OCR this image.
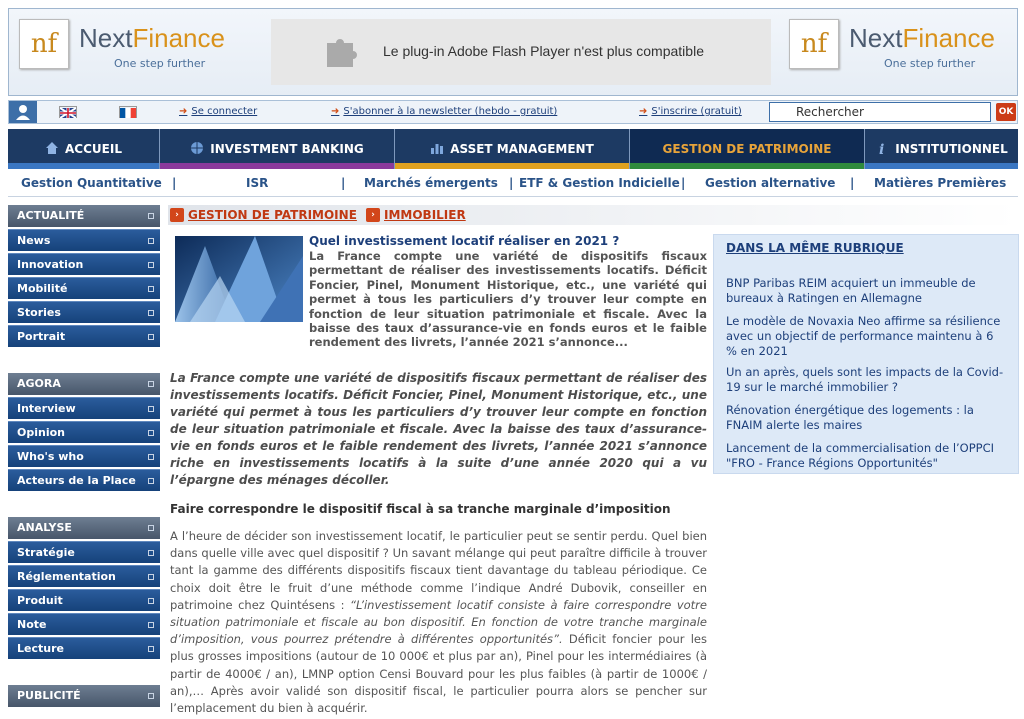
nf NextFinance
One step further
Le plug-in Adobe Flash Player n'est plus compatible	nf NextFinance
One step further
➜ Se connecter	➜ S'abonner à la newsletter (hebdo - gratuit)	➜ S'inscrire (gratuit)	Rechercher	OK
ACCUEIL	INVESTMENT BANKING	ASSET MANAGEMENT	GESTION DE PATRIMOINE	i INSTITUTIONNEL
Gestion Quantitative |	ISR	| Marchés émergents | ETF & Gestion Indicielle | Gestion alternative | Matières Premières
ACTUALITÉ
News
Innovation
Mobilité
Stories
Portrait
AGORA
Interview
Opinion
Who's who
Acteurs de la Place
ANALYSE
Stratégie
Réglementation
Produit
Note
Lecture
PUBLICITÉ
› GESTION DE PATRIMOINE	› IMMOBILIER
Quel investissement locatif réaliser en 2021 ?
La France compte une variété de dispositifs fiscaux permettant de réaliser des investissements locatifs. Déficit Foncier, Pinel, Monument Historique, etc., une variété qui permet à tous les particuliers d’y trouver leur compte en fonction de leur situation patrimoniale et fiscale. Avec la baisse des taux d’assurance-vie en fonds euros et le faible rendement des livrets, l’année 2021 s’annonce...
La France compte une variété de dispositifs fiscaux permettant de réaliser des investissements locatifs. Déficit Foncier, Pinel, Monument Historique, etc., une variété qui permet à tous les particuliers d’y trouver leur compte en fonction de leur situation patrimoniale et fiscale. Avec la baisse des taux d’assurance-vie en fonds euros et le faible rendement des livrets, l’année 2021 s’annonce riche en investissements locatifs à la suite d’une année 2020 qui a vu l’épargne des ménages décoller.
Faire correspondre le dispositif fiscal à sa tranche marginale d’imposition
A l’heure de décider son investissement locatif, le particulier peut se sentir perdu. Quel bien dans quelle ville avec quel dispositif ? Un savant mélange qui peut paraître difficile à trouver tant la gamme des différents dispositifs fiscaux tient davantage du tableau périodique. Ce choix doit être le fruit d’une méthode comme l’indique André Dubovik, conseiller en patrimoine chez Quintésens : “L’investissement locatif consiste à faire correspondre votre situation patrimoniale et fiscale au bon dispositif. En fonction de votre tranche marginale d’imposition, vous pourrez prétendre à différentes opportunités”. Déficit foncier pour les plus grosses impositions (autour de 10 000€ et plus par an), Pinel pour les intermédiaires (à partir de 4000€ / an), LMNP option Censi Bouvard pour les plus faibles (à partir de 1000€ / an),… Après avoir validé son dispositif fiscal, le particulier pourra alors se pencher sur l’emplacement du bien à acquérir.
DANS LA MÊME RUBRIQUE
BNP Paribas REIM acquiert un immeuble de bureaux à Ratingen en Allemagne
Le modèle de Novaxia Neo affirme sa résilience avec un objectif de performance maintenu à 6 % en 2021
Un an après, quels sont les impacts de la Covid-19 sur le marché immobilier ?
Rénovation énergétique des logements : la FNAIM alerte les maires
Lancement de la commercialisation de l’OPPCI "FRO - France Régions Opportunités"
